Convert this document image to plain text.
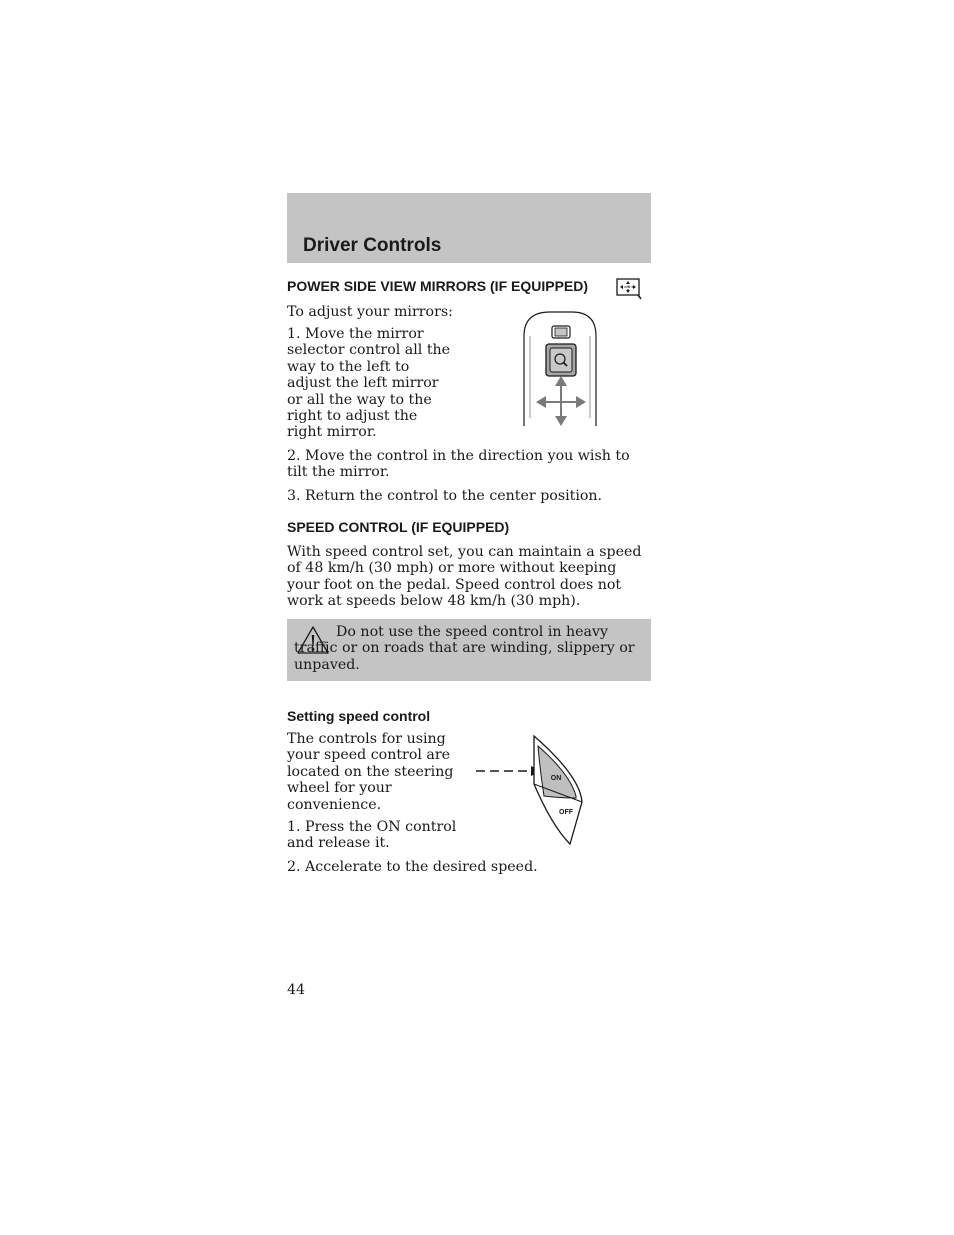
Driver Controls
POWER SIDE VIEW MIRRORS (IF EQUIPPED)
To adjust your mirrors:
1. Move the mirror selector control all the way to the left to adjust the left mirror or all the way to the right to adjust the right mirror.
2. Move the control in the direction you wish to tilt the mirror.
3. Return the control to the center position.
SPEED CONTROL (IF EQUIPPED)
With speed control set, you can maintain a speed of 48 km/h (30 mph) or more without keeping your foot on the pedal. Speed control does not work at speeds below 48 km/h (30 mph).
Do not use the speed control in heavy traffic or on roads that are winding, slippery or unpaved.
Setting speed control
The controls for using your speed control are located on the steering wheel for your convenience.
1. Press the ON control and release it.
2. Accelerate to the desired speed.
ON
OFF
44
